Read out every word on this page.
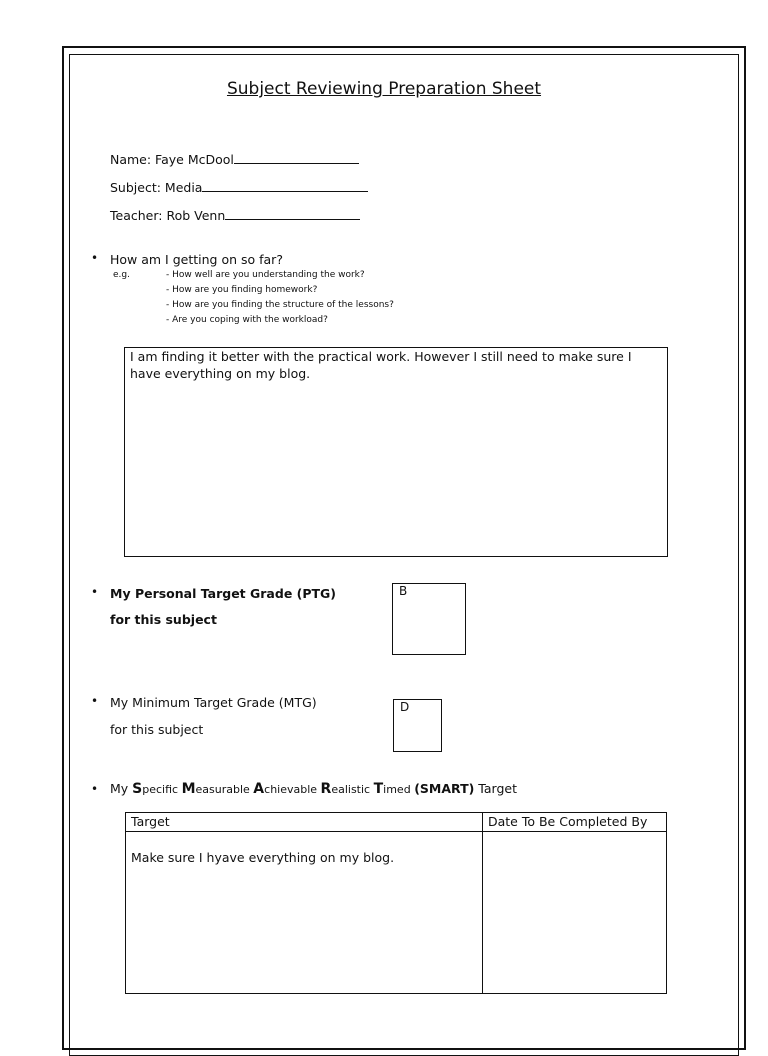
Subject Reviewing Preparation Sheet
Name: Faye McDool
Subject: Media
Teacher: Rob Venn
• How am I getting on so far?
e.g.	- How well are you understanding the work?
- How are you finding homework?
- How are you finding the structure of the lessons?
- Are you coping with the workload?
I am finding it better with the practical work. However I still need to make sure I have everything on my blog.
• My Personal Target Grade (PTG)
for this subject
B
• My Minimum Target Grade (MTG)
for this subject
D
• My Specific Measurable Achievable Realistic Timed (SMART) Target
Target	Date To Be Completed By
Make sure I hyave everything on my blog.	
